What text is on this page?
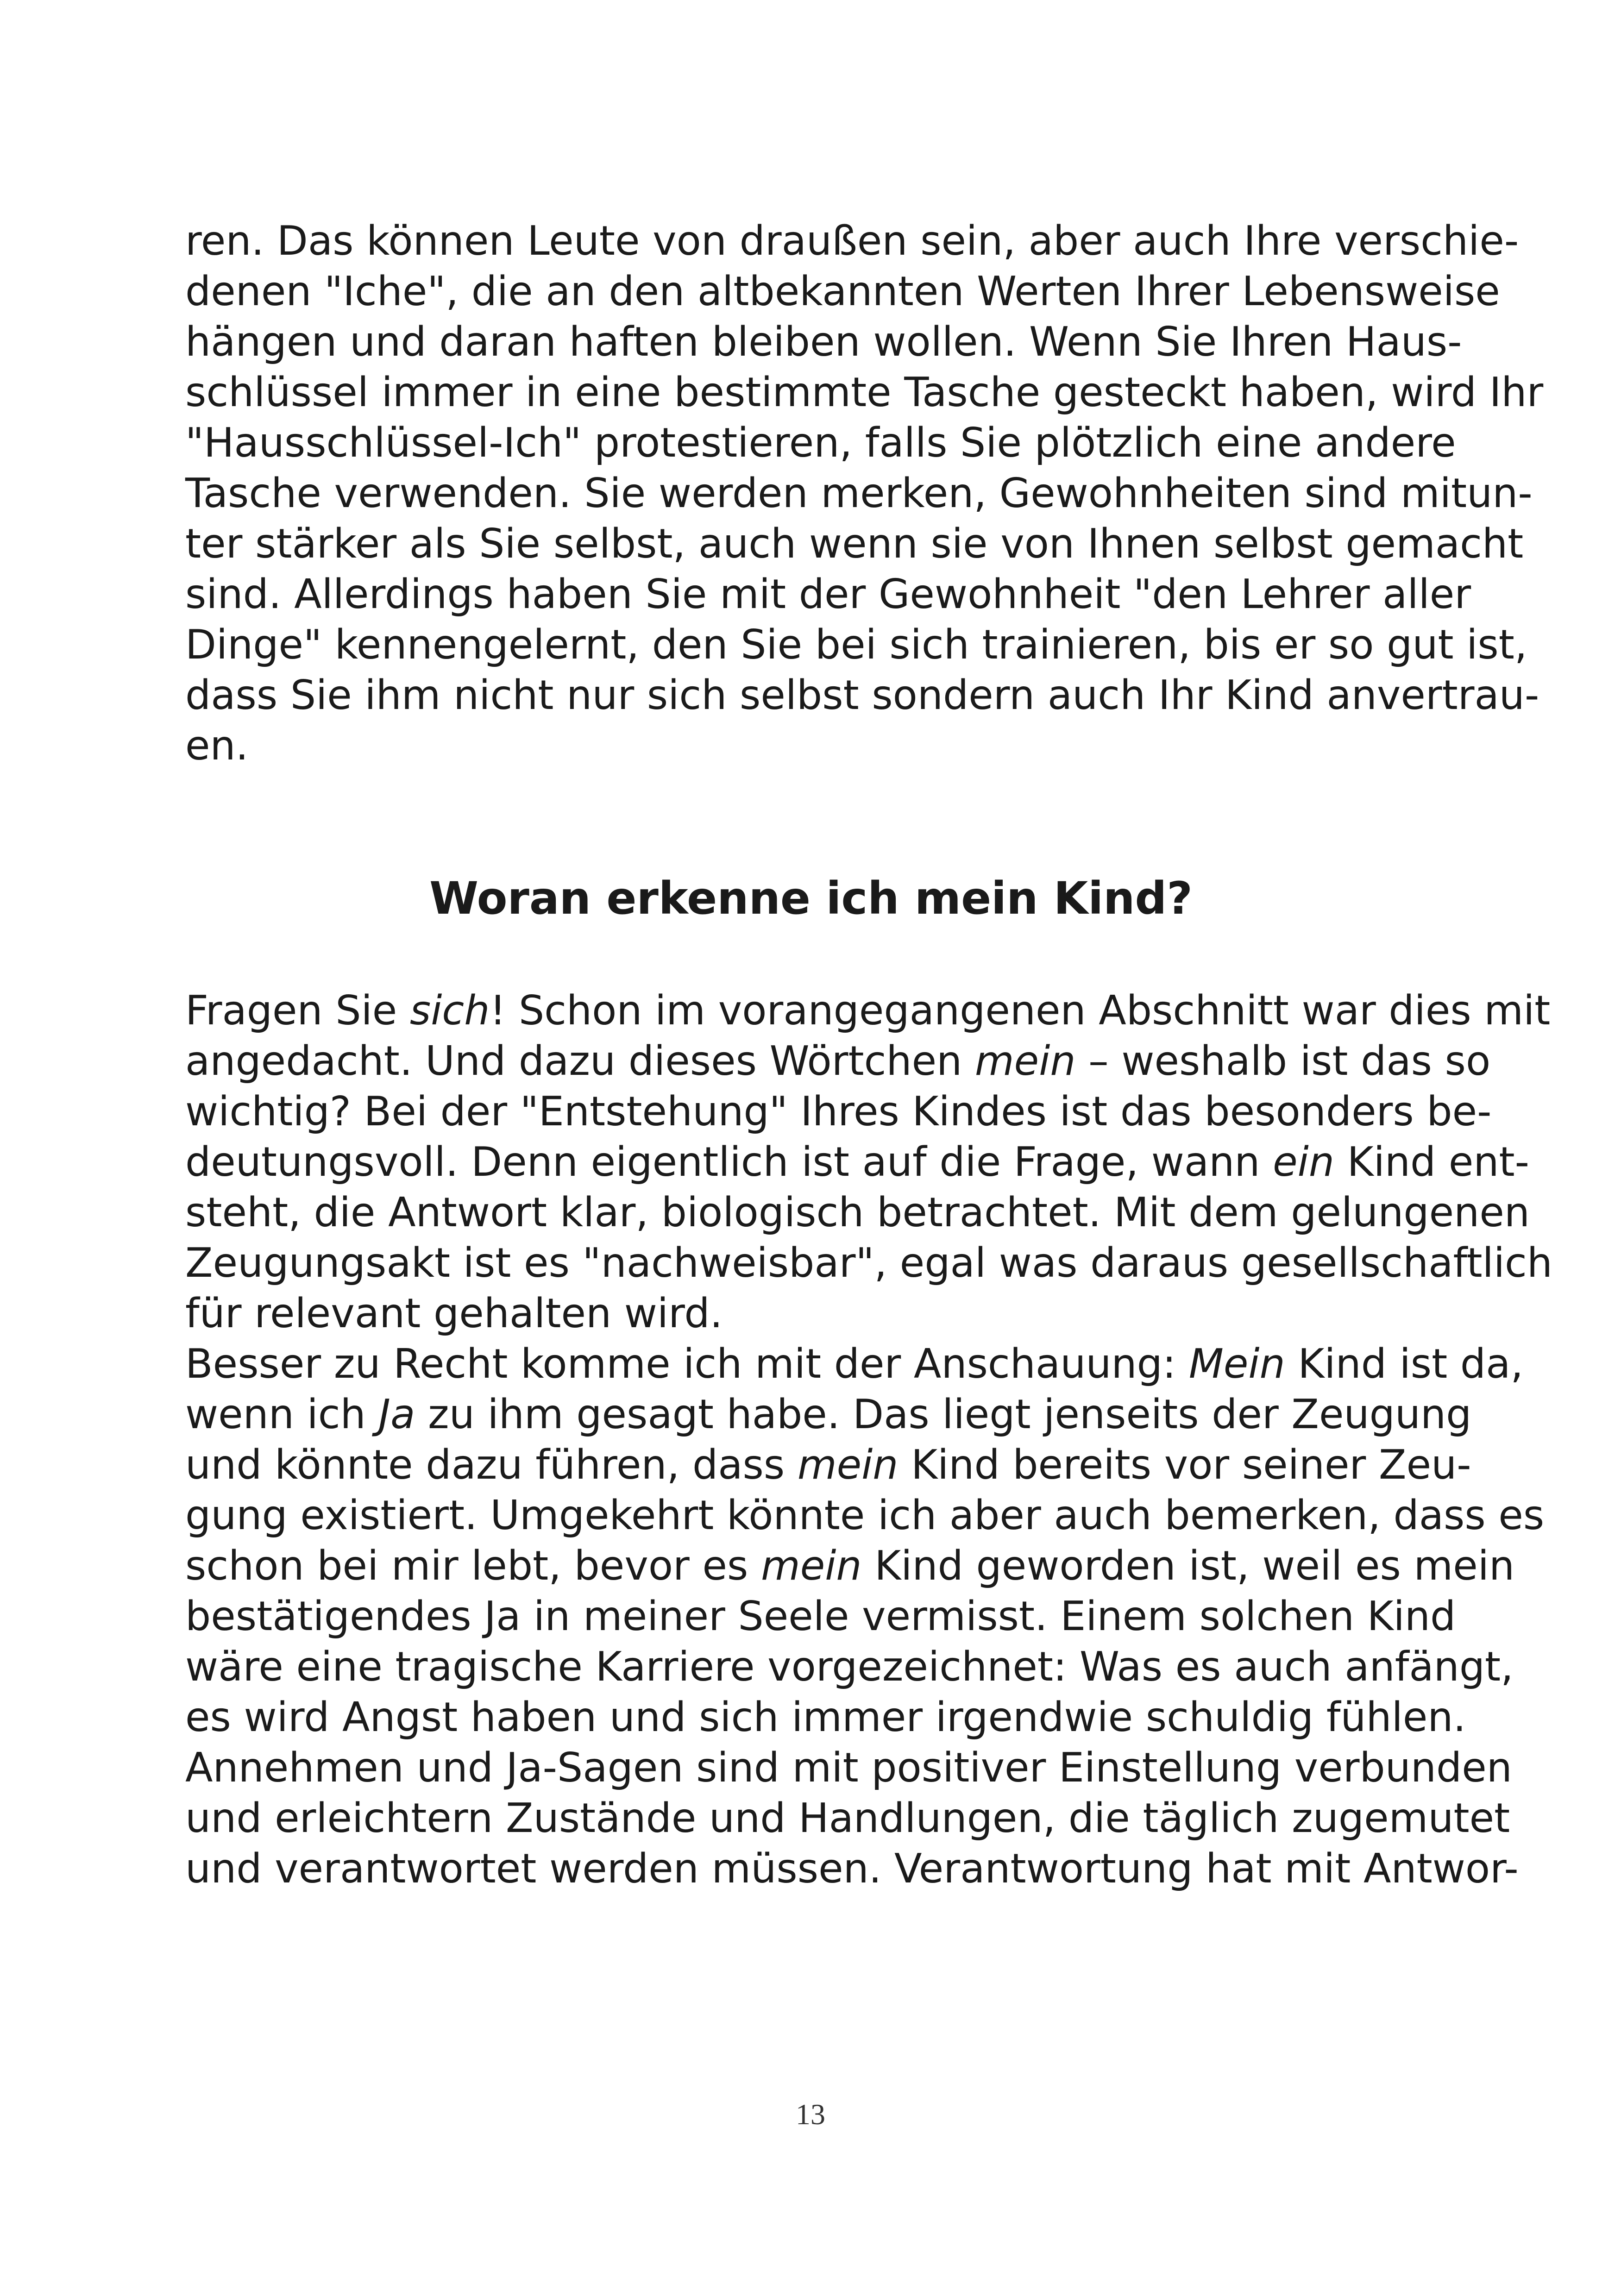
ren. Das können Leute von draußen sein, aber auch Ihre verschie-
denen "Iche", die an den altbekannten Werten Ihrer Lebensweise
hängen und daran haften bleiben wollen. Wenn Sie Ihren Haus-
schlüssel immer in eine bestimmte Tasche gesteckt haben, wird Ihr
"Hausschlüssel-Ich" protestieren, falls Sie plötzlich eine andere
Tasche verwenden. Sie werden merken, Gewohnheiten sind mitun-
ter stärker als Sie selbst, auch wenn sie von Ihnen selbst gemacht
sind. Allerdings haben Sie mit der Gewohnheit "den Lehrer aller
Dinge" kennengelernt, den Sie bei sich trainieren, bis er so gut ist,
dass Sie ihm nicht nur sich selbst sondern auch Ihr Kind anvertrau-
en.
Woran erkenne ich mein Kind?
Fragen Sie sich! Schon im vorangegangenen Abschnitt war dies mit
angedacht. Und dazu dieses Wörtchen mein – weshalb ist das so
wichtig? Bei der "Entstehung" Ihres Kindes ist das besonders be-
deutungsvoll. Denn eigentlich ist auf die Frage, wann ein Kind ent-
steht, die Antwort klar, biologisch betrachtet. Mit dem gelungenen
Zeugungsakt ist es "nachweisbar", egal was daraus gesellschaftlich
für relevant gehalten wird.
Besser zu Recht komme ich mit der Anschauung: Mein Kind ist da,
wenn ich Ja zu ihm gesagt habe. Das liegt jenseits der Zeugung
und könnte dazu führen, dass mein Kind bereits vor seiner Zeu-
gung existiert. Umgekehrt könnte ich aber auch bemerken, dass es
schon bei mir lebt, bevor es mein Kind geworden ist, weil es mein
bestätigendes Ja in meiner Seele vermisst. Einem solchen Kind
wäre eine tragische Karriere vorgezeichnet: Was es auch anfängt,
es wird Angst haben und sich immer irgendwie schuldig fühlen.
Annehmen und Ja-Sagen sind mit positiver Einstellung verbunden
und erleichtern Zustände und Handlungen, die täglich zugemutet
und verantwortet werden müssen. Verantwortung hat mit Antwor-
13
